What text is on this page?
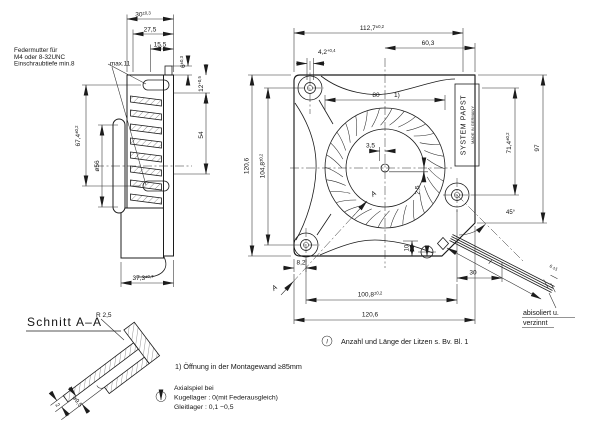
Federmutter für
M4 oder 8-32UNC
Einschraubtiefe min.8	max.11
30±0,3
27,5
15,5
6±0,3
12+0,5
54
67,4±0,2
ø56
37,3±0,7
SYSTEM PAPST MADE IN GERMANY
l
6 ±1
abisoliert u.
verzinnt
45°
A
A
112,7±0,2
4,2+0,4
60,3
80 1)
120,6 104,8±0,2
3,5
2,5
71,4±0,2
97
10
8,2
30
100,8±0,2
120,6
l Anzahl und Länge der Litzen s. Bv. Bl. 1
Schnitt A–A
R 2,5
ø9,5
2
1) Öffnung in der Montagewand ≥85mm
Axialspiel bei
Kugellager : 0(mit Federausgleich)
Gleitlager : 0,1 −0,5
